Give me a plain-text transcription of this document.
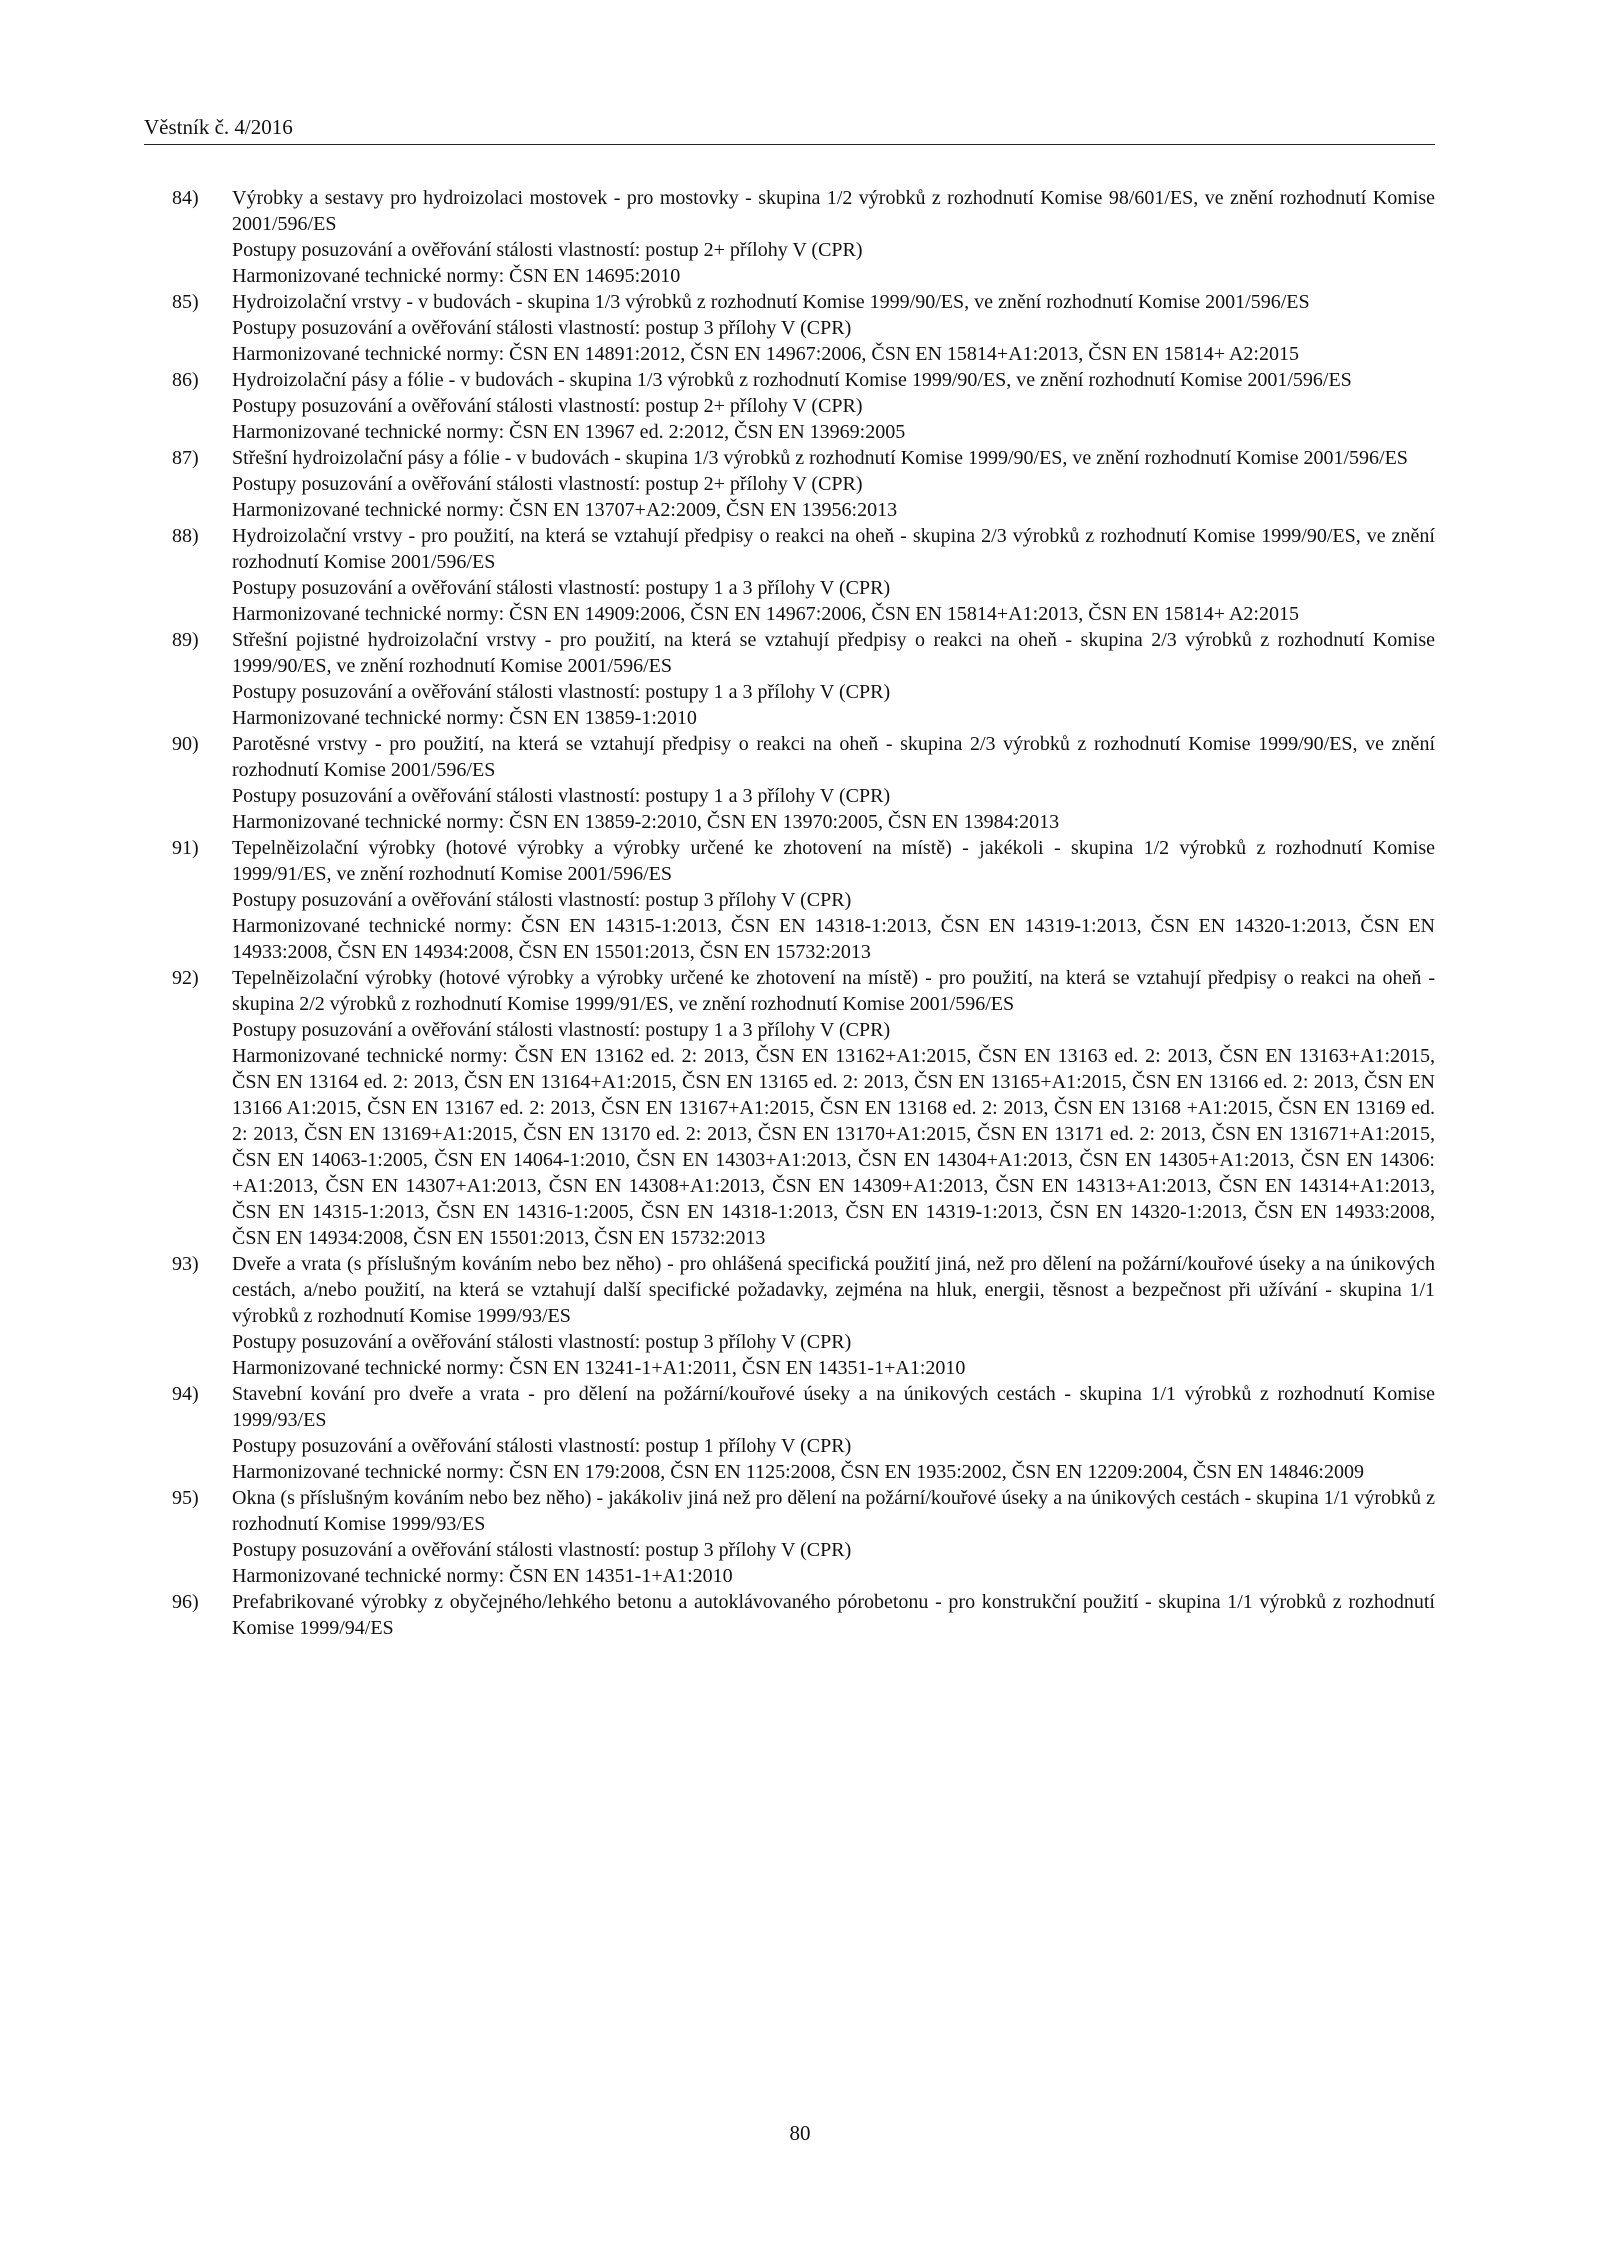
Věstník č. 4/2016
84)	Výrobky a sestavy pro hydroizolaci mostovek - pro mostovky - skupina 1/2 výrobků z rozhodnutí Komise 98/601/ES, ve znění rozhodnutí Komise 2001/596/ES
Postupy posuzování a ověřování stálosti vlastností: postup 2+ přílohy V (CPR)
Harmonizované technické normy: ČSN EN 14695:2010
85)	Hydroizolační vrstvy - v budovách - skupina 1/3 výrobků z rozhodnutí Komise 1999/90/ES, ve znění rozhodnutí Komise 2001/596/ES
Postupy posuzování a ověřování stálosti vlastností: postup 3 přílohy V (CPR)
Harmonizované technické normy: ČSN EN 14891:2012, ČSN EN 14967:2006, ČSN EN 15814+A1:2013, ČSN EN 15814+ A2:2015
86)	Hydroizolační pásy a fólie - v budovách - skupina 1/3 výrobků z rozhodnutí Komise 1999/90/ES, ve znění rozhodnutí Komise 2001/596/ES
Postupy posuzování a ověřování stálosti vlastností: postup 2+ přílohy V (CPR)
Harmonizované technické normy: ČSN EN 13967 ed. 2:2012, ČSN EN 13969:2005
87)	Střešní hydroizolační pásy a fólie - v budovách - skupina 1/3 výrobků z rozhodnutí Komise 1999/90/ES, ve znění rozhodnutí Komise 2001/596/ES
Postupy posuzování a ověřování stálosti vlastností: postup 2+ přílohy V (CPR)
Harmonizované technické normy: ČSN EN 13707+A2:2009, ČSN EN 13956:2013
88)	Hydroizolační vrstvy - pro použití, na která se vztahují předpisy o reakci na oheň - skupina 2/3 výrobků z rozhodnutí Komise 1999/90/ES, ve znění rozhodnutí Komise 2001/596/ES
Postupy posuzování a ověřování stálosti vlastností: postupy 1 a 3 přílohy V (CPR)
Harmonizované technické normy: ČSN EN 14909:2006, ČSN EN 14967:2006, ČSN EN 15814+A1:2013, ČSN EN 15814+ A2:2015
89)	Střešní pojistné hydroizolační vrstvy - pro použití, na která se vztahují předpisy o reakci na oheň - skupina 2/3 výrobků z rozhodnutí Komise 1999/90/ES, ve znění rozhodnutí Komise 2001/596/ES
Postupy posuzování a ověřování stálosti vlastností: postupy 1 a 3 přílohy V (CPR)
Harmonizované technické normy: ČSN EN 13859-1:2010
90)	Parotěsné vrstvy - pro použití, na která se vztahují předpisy o reakci na oheň - skupina 2/3 výrobků z rozhodnutí Komise 1999/90/ES, ve znění rozhodnutí Komise 2001/596/ES
Postupy posuzování a ověřování stálosti vlastností: postupy 1 a 3 přílohy V (CPR)
Harmonizované technické normy: ČSN EN 13859-2:2010, ČSN EN 13970:2005, ČSN EN 13984:2013
91)	Tepelněizolační výrobky (hotové výrobky a výrobky určené ke zhotovení na místě) - jakékoli - skupina 1/2 výrobků z rozhodnutí Komise 1999/91/ES, ve znění rozhodnutí Komise 2001/596/ES
Postupy posuzování a ověřování stálosti vlastností: postup 3 přílohy V (CPR)
Harmonizované technické normy: ČSN EN 14315-1:2013, ČSN EN 14318-1:2013, ČSN EN 14319-1:2013, ČSN EN 14320-1:2013, ČSN EN 14933:2008, ČSN EN 14934:2008, ČSN EN 15501:2013, ČSN EN 15732:2013
92)	Tepelněizolační výrobky (hotové výrobky a výrobky určené ke zhotovení na místě) - pro použití, na která se vztahují předpisy o reakci na oheň - skupina 2/2 výrobků z rozhodnutí Komise 1999/91/ES, ve znění rozhodnutí Komise 2001/596/ES
Postupy posuzování a ověřování stálosti vlastností: postupy 1 a 3 přílohy V (CPR)
Harmonizované technické normy: ČSN EN 13162 ed. 2: 2013, ČSN EN 13162+A1:2015, ČSN EN 13163 ed. 2: 2013, ČSN EN 13163+A1:2015, ČSN EN 13164 ed. 2: 2013, ČSN EN 13164+A1:2015, ČSN EN 13165 ed. 2: 2013, ČSN EN 13165+A1:2015, ČSN EN 13166 ed. 2: 2013, ČSN EN 13166 A1:2015, ČSN EN 13167 ed. 2: 2013, ČSN EN 13167+A1:2015, ČSN EN 13168 ed. 2: 2013, ČSN EN 13168 +A1:2015, ČSN EN 13169 ed. 2: 2013, ČSN EN 13169+A1:2015, ČSN EN 13170 ed. 2: 2013, ČSN EN 13170+A1:2015, ČSN EN 13171 ed. 2: 2013, ČSN EN 131671+A1:2015, ČSN EN 14063-1:2005, ČSN EN 14064-1:2010, ČSN EN 14303+A1:2013, ČSN EN 14304+A1:2013, ČSN EN 14305+A1:2013, ČSN EN 14306: +A1:2013, ČSN EN 14307+A1:2013, ČSN EN 14308+A1:2013, ČSN EN 14309+A1:2013, ČSN EN 14313+A1:2013, ČSN EN 14314+A1:2013, ČSN EN 14315-1:2013, ČSN EN 14316-1:2005, ČSN EN 14318-1:2013, ČSN EN 14319-1:2013, ČSN EN 14320-1:2013, ČSN EN 14933:2008, ČSN EN 14934:2008, ČSN EN 15501:2013, ČSN EN 15732:2013
93)	Dveře a vrata (s příslušným kováním nebo bez něho) - pro ohlášená specifická použití jiná, než pro dělení na požární/kouřové úseky a na únikových cestách, a/nebo použití, na která se vztahují další specifické požadavky, zejména na hluk, energii, těsnost a bezpečnost při užívání - skupina 1/1 výrobků z rozhodnutí Komise 1999/93/ES
Postupy posuzování a ověřování stálosti vlastností: postup 3 přílohy V (CPR)
Harmonizované technické normy: ČSN EN 13241-1+A1:2011, ČSN EN 14351-1+A1:2010
94)	Stavební kování pro dveře a vrata - pro dělení na požární/kouřové úseky a na únikových cestách - skupina 1/1 výrobků z rozhodnutí Komise 1999/93/ES
Postupy posuzování a ověřování stálosti vlastností: postup 1 přílohy V (CPR)
Harmonizované technické normy: ČSN EN 179:2008, ČSN EN 1125:2008, ČSN EN 1935:2002, ČSN EN 12209:2004, ČSN EN 14846:2009
95)	Okna (s příslušným kováním nebo bez něho) - jakákoliv jiná než pro dělení na požární/kouřové úseky a na únikových cestách - skupina 1/1 výrobků z rozhodnutí Komise 1999/93/ES
Postupy posuzování a ověřování stálosti vlastností: postup 3 přílohy V (CPR)
Harmonizované technické normy: ČSN EN 14351-1+A1:2010
96)	Prefabrikované výrobky z obyčejného/lehkého betonu a autoklávovaného pórobetonu - pro konstrukční použití - skupina 1/1 výrobků z rozhodnutí Komise 1999/94/ES
80
